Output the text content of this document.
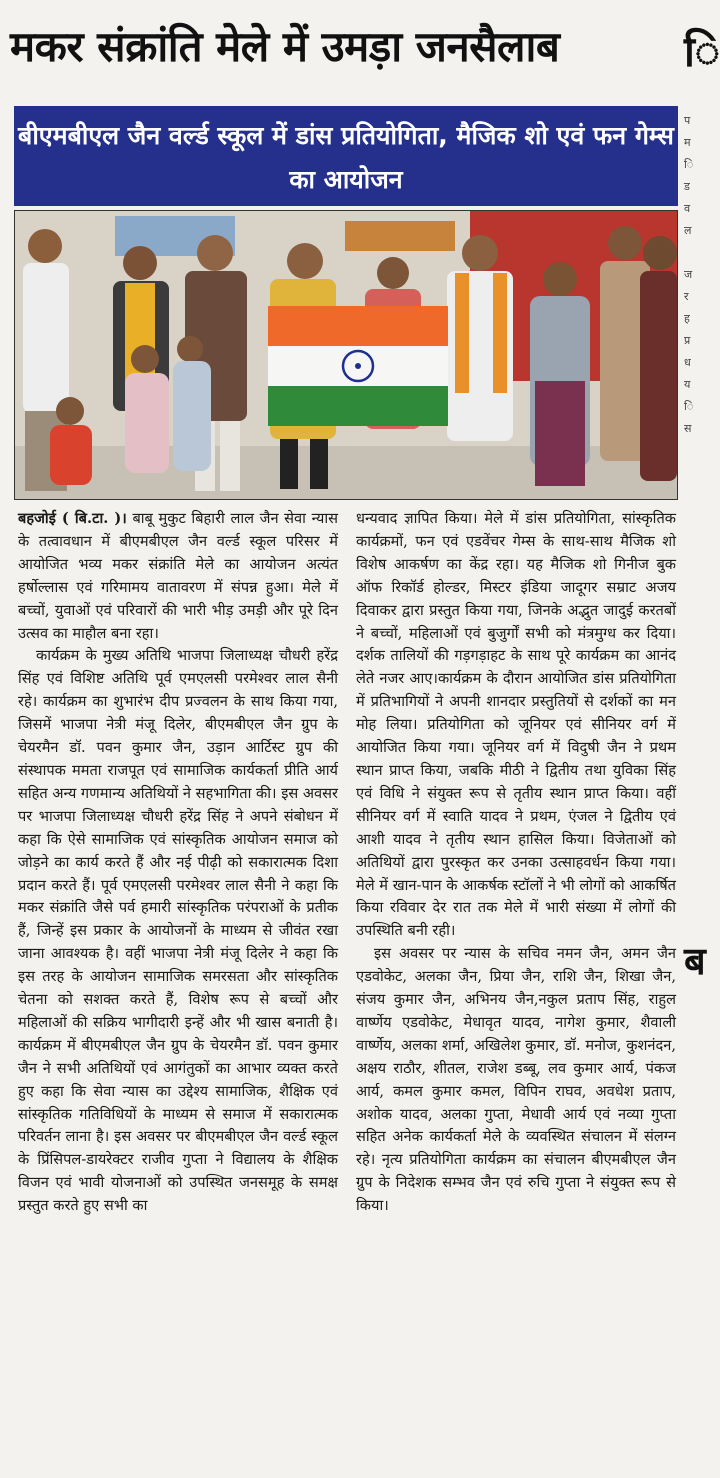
मकर संक्रांति मेले में उमड़ा जनसैलाब	ि
बीएमबीएल जैन वर्ल्ड स्कूल में डांस प्रतियोगिता, मैजिक शो एवं फन गेम्स का आयोजन

बहजोई ( बि.टा. )। बाबू मुकुट बिहारी लाल जैन सेवा न्यास के तत्वावधान में बीएमबीएल जैन वर्ल्ड स्कूल परिसर में आयोजित भव्य मकर संक्रांति मेले का आयोजन अत्यंत हर्षोल्लास एवं गरिमामय वातावरण में संपन्न हुआ। मेले में बच्चों, युवाओं एवं परिवारों की भारी भीड़ उमड़ी और पूरे दिन उत्सव का माहौल बना रहा।

कार्यक्रम के मुख्य अतिथि भाजपा जिलाध्यक्ष चौधरी हरेंद्र सिंह एवं विशिष्ट अतिथि पूर्व एमएलसी परमेश्वर लाल सैनी रहे। कार्यक्रम का शुभारंभ दीप प्रज्वलन के साथ किया गया, जिसमें भाजपा नेत्री मंजू दिलेर, बीएमबीएल जैन ग्रुप के चेयरमैन डॉ. पवन कुमार जैन, उड़ान आर्टिस्ट ग्रुप की संस्थापक ममता राजपूत एवं सामाजिक कार्यकर्ता प्रीति आर्य सहित अन्य गणमान्य अतिथियों ने सहभागिता की। इस अवसर पर भाजपा जिलाध्यक्ष चौधरी हरेंद्र सिंह ने अपने संबोधन में कहा कि ऐसे सामाजिक एवं सांस्कृतिक आयोजन समाज को जोड़ने का कार्य करते हैं और नई पीढ़ी को सकारात्मक दिशा प्रदान करते हैं। पूर्व एमएलसी परमेश्वर लाल सैनी ने कहा कि मकर संक्रांति जैसे पर्व हमारी सांस्कृतिक परंपराओं के प्रतीक हैं, जिन्हें इस प्रकार के आयोजनों के माध्यम से जीवंत रखा जाना आवश्यक है। वहीं भाजपा नेत्री मंजू दिलेर ने कहा कि इस तरह के आयोजन सामाजिक समरसता और सांस्कृतिक चेतना को सशक्त करते हैं, विशेष रूप से बच्चों और महिलाओं की सक्रिय भागीदारी इन्हें और भी खास बनाती है।कार्यक्रम में बीएमबीएल जैन ग्रुप के चेयरमैन डॉ. पवन कुमार जैन ने सभी अतिथियों एवं आगंतुकों का आभार व्यक्त करते हुए कहा कि सेवा न्यास का उद्देश्य सामाजिक, शैक्षिक एवं सांस्कृतिक गतिविधियों के माध्यम से समाज में सकारात्मक परिवर्तन लाना है। इस अवसर पर बीएमबीएल जैन वर्ल्ड स्कूल के प्रिंसिपल-डायरेक्टर राजीव गुप्ता ने विद्यालय के शैक्षिक विजन एवं भावी योजनाओं को उपस्थित जनसमूह के समक्ष प्रस्तुत करते हुए सभी का

धन्यवाद ज्ञापित किया। मेले में डांस प्रतियोगिता, सांस्कृतिक कार्यक्रमों, फन एवं एडवेंचर गेम्स के साथ-साथ मैजिक शो विशेष आकर्षण का केंद्र रहा। यह मैजिक शो गिनीज बुक ऑफ रिकॉर्ड होल्डर, मिस्टर इंडिया जादूगर सम्राट अजय दिवाकर द्वारा प्रस्तुत किया गया, जिनके अद्भुत जादुई करतबों ने बच्चों, महिलाओं एवं बुजुर्गों सभी को मंत्रमुग्ध कर दिया। दर्शक तालियों की गड़गड़ाहट के साथ पूरे कार्यक्रम का आनंद लेते नजर आए।कार्यक्रम के दौरान आयोजित डांस प्रतियोगिता में प्रतिभागियों ने अपनी शानदार प्रस्तुतियों से दर्शकों का मन मोह लिया। प्रतियोगिता को जूनियर एवं सीनियर वर्ग में आयोजित किया गया। जूनियर वर्ग में विदुषी जैन ने प्रथम स्थान प्राप्त किया, जबकि मीठी ने द्वितीय तथा युविका सिंह एवं विधि ने संयुक्त रूप से तृतीय स्थान प्राप्त किया। वहीं सीनियर वर्ग में स्वाति यादव ने प्रथम, एंजल ने द्वितीय एवं आशी यादव ने तृतीय स्थान हासिल किया। विजेताओं को अतिथियों द्वारा पुरस्कृत कर उनका उत्साहवर्धन किया गया। मेले में खान-पान के आकर्षक स्टॉलों ने भी लोगों को आकर्षित किया रविवार देर रात तक मेले में भारी संख्या में लोगों की उपस्थिति बनी रही।

इस अवसर पर न्यास के सचिव नमन जैन, अमन जैन एडवोकेट, अलका जैन, प्रिया जैन, राशि जैन, शिखा जैन, संजय कुमार जैन, अभिनय जैन,नकुल प्रताप सिंह, राहुल वार्ष्णेय एडवोकेट, मेधावृत यादव, नागेश कुमार, शैवाली वार्ष्णेय, अलका शर्मा, अखिलेश कुमार, डॉ. मनोज, कुशनंदन, अक्षय राठौर, शीतल, राजेश डब्बू, लव कुमार आर्य, पंकज आर्य, कमल कुमार कमल, विपिन राघव, अवधेश प्रताप, अशोक यादव, अलका गुप्ता, मेधावी आर्य एवं नव्या गुप्ता सहित अनेक कार्यकर्ता मेले के व्यवस्थित संचालन में संलग्न रहे। नृत्य प्रतियोगिता कार्यक्रम का संचालन बीएमबीएल जैन ग्रुप के निदेशक सम्भव जैन एवं रुचि गुप्ता ने संयुक्त रूप से किया।

प
म
ि
ड
व
ल

ज
र
ह
प्र
ध
य
ि
स
ब
